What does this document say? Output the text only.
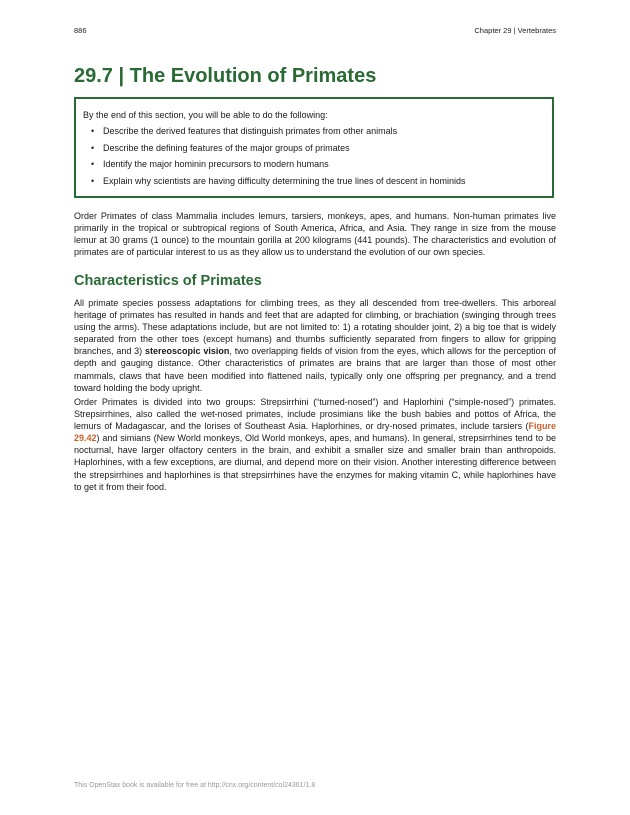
886	Chapter 29 | Vertebrates
29.7 | The Evolution of Primates
By the end of this section, you will be able to do the following:
• Describe the derived features that distinguish primates from other animals
• Describe the defining features of the major groups of primates
• Identify the major hominin precursors to modern humans
• Explain why scientists are having difficulty determining the true lines of descent in hominids

Order Primates of class Mammalia includes lemurs, tarsiers, monkeys, apes, and humans. Non-human primates live primarily in the tropical or subtropical regions of South America, Africa, and Asia. They range in size from the mouse lemur at 30 grams (1 ounce) to the mountain gorilla at 200 kilograms (441 pounds). The characteristics and evolution of primates are of particular interest to us as they allow us to understand the evolution of our own species.

Characteristics of Primates

All primate species possess adaptations for climbing trees, as they all descended from tree-dwellers. This arboreal heritage of primates has resulted in hands and feet that are adapted for climbing, or brachiation (swinging through trees using the arms). These adaptations include, but are not limited to: 1) a rotating shoulder joint, 2) a big toe that is widely separated from the other toes (except humans) and thumbs sufficiently separated from fingers to allow for gripping branches, and 3) stereoscopic vision, two overlapping fields of vision from the eyes, which allows for the perception of depth and gauging distance. Other characteristics of primates are brains that are larger than those of most other mammals, claws that have been modified into flattened nails, typically only one offspring per pregnancy, and a trend toward holding the body upright.

Order Primates is divided into two groups: Strepsirrhini (“turned-nosed”) and Haplorhini (“simple-nosed”) primates. Strepsirrhines, also called the wet-nosed primates, include prosimians like the bush babies and pottos of Africa, the lemurs of Madagascar, and the lorises of Southeast Asia. Haplorhines, or dry-nosed primates, include tarsiers (Figure 29.42) and simians (New World monkeys, Old World monkeys, apes, and humans). In general, strepsirrhines tend to be nocturnal, have larger olfactory centers in the brain, and exhibit a smaller size and smaller brain than anthropoids. Haplorhines, with a few exceptions, are diurnal, and depend more on their vision. Another interesting difference between the strepsirrhines and haplorhines is that strepsirrhines have the enzymes for making vitamin C, while haplorhines have to get it from their food.

This OpenStax book is available for free at http://cnx.org/content/col24361/1.8
